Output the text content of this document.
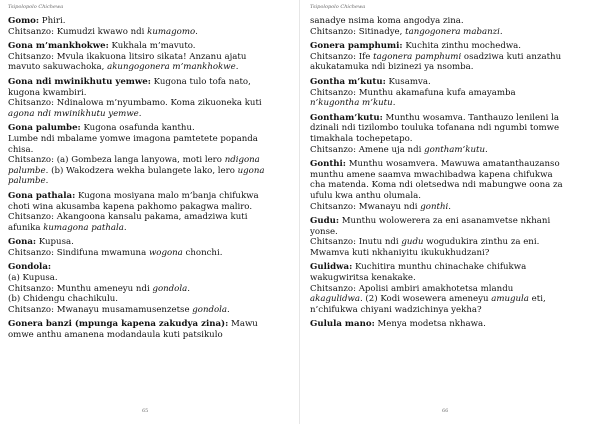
Tsipolopolo Chichewa

Gomo: Phiri.

Chitsanzo: Kumudzi kwawo ndi kumagomo.

Gona m’mankhokwe: Kukhala m’mavuto.

Chitsanzo: Mvula ikakuona litsiro sikata! Anzanu ajatu

mavuto sakuwachoka, akungogonera m’mankhokwe.

Gona ndi mwinikhutu yemwe: Kugona tulo tofa nato,

kugona kwambiri.

Chitsanzo: Ndinalowa m’nyumbamo. Koma zikuoneka kuti

agona ndi mwinikhutu yemwe.

Gona palumbe: Kugona osafunda kanthu.

Lumbe ndi mbalame yomwe imagona pamtetete popanda

chisa.

Chitsanzo: (a) Gombeza langa lanyowa, moti lero ndigona

palumbe. (b) Wakodzera wekha bulangete lako, lero ugona

palumbe.

Gona pathala: Kugona mosiyana malo m’banja chifukwa

choti wina akusamba kapena pakhomo pakagwa maliro.

Chitsanzo: Akangoona kansalu pakama, amadziwa kuti

afunika kumagona pathala.

Gona: Kupusa.

Chitsanzo: Sindifuna mwamuna wogona chonchi.

Gondola:

(a) Kupusa.

Chitsanzo: Munthu ameneyu ndi gondola.

(b) Chidengu chachikulu.

Chitsanzo: Mwanayu musamamusenzetse gondola.

Gonera banzi (mpunga kapena zakudya zina): Mawu

omwe anthu amanena modandaula kuti patsikulo

65
Tsipolopolo Chichewa

sanadye nsima koma angodya zina.

Chitsanzo: Sitinadye, tangogonera mabanzi.

Gonera pamphumi: Kuchita zinthu mochedwa.

Chitsanzo: Ife tagonera pamphumi osadziwa kuti anzathu

akukatamuka ndi bizinezi ya nsomba.

Gontha m’kutu: Kusamva.

Chitsanzo: Munthu akamafuna kufa amayamba

n’kugontha m’kutu.

Gontham’kutu: Munthu wosamva. Tanthauzo lenileni la

dzinali ndi tizilombo touluka tofanana ndi ngumbi tomwe

timakhala tochepetapo.

Chitsanzo: Amene uja ndi gontham’kutu.

Gonthi: Munthu wosamvera. Mawuwa amatanthauzanso

munthu amene saamva mwachibadwa kapena chifukwa

cha matenda. Koma ndi oletsedwa ndi mabungwe oona za

ufulu kwa anthu olumala.

Chitsanzo: Mwanayu ndi gonthi.

Gudu: Munthu wolowerera za eni asanamvetse nkhani

yonse.

Chitsanzo: Inutu ndi gudu wogudukira zinthu za eni.

Mwamva kuti nkhaniyitu ikukukhudzani?

Gulidwa: Kuchitira munthu chinachake chifukwa

wakugwiritsa kenakake.

Chitsanzo: Apolisi ambiri amakhotetsa mlandu

akagulidwa. (2) Kodi wosewera ameneyu amugula eti,

n’chifukwa chiyani wadzichinya yekha?

Gulula mano: Menya modetsa nkhawa.

66
